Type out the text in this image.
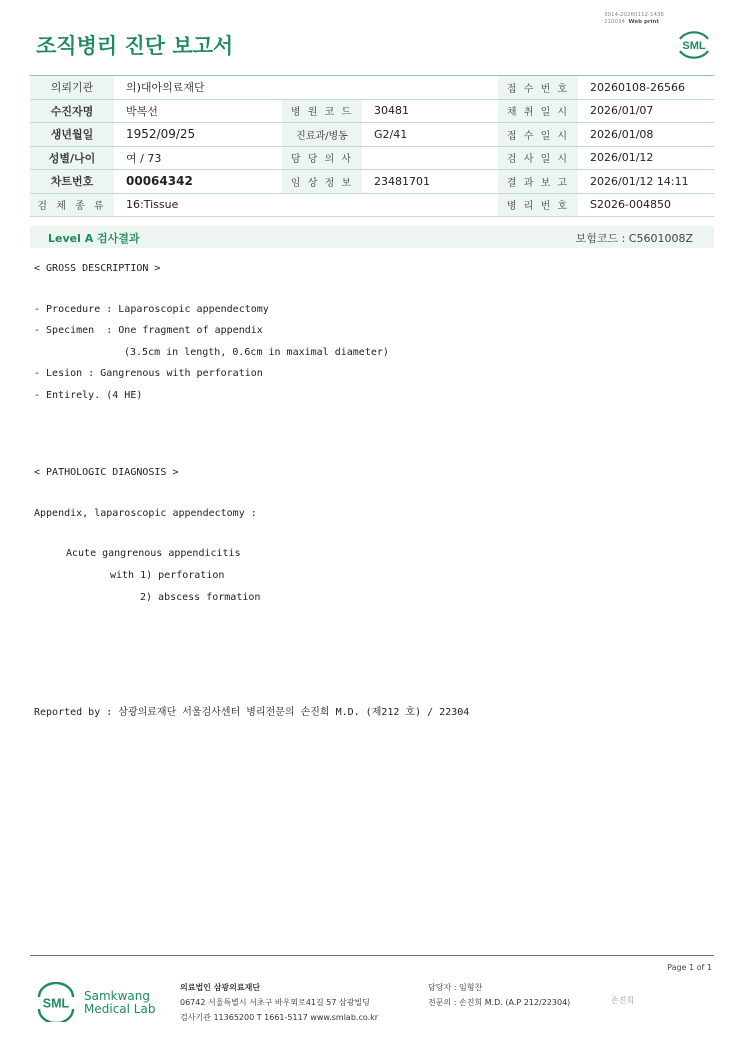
3014-20260112-1436
210034 Web print
조직병리 진단 보고서	SML
의뢰기관	의)대아의료재단			접 수 번 호	20260108-26566
수진자명	박복선	병 원 코 드	30481	채 취 일 시	2026/01/07
생년월일	1952/09/25	진료과/병동	G2/41	접 수 일 시	2026/01/08
성별/나이	여 / 73	담 당 의 사		검 사 일 시	2026/01/12
차트번호	00064342	임 상 정 보	23481701	결 과 보 고	2026/01/12 14:11
검 체 종 류	16:Tissue			병 리 번 호	S2026-004850
Level A 검사결과	보험코드 : C5601008Z
< GROSS DESCRIPTION >
- Procedure : Laparoscopic appendectomy
- Specimen  : One fragment of appendix
(3.5cm in length, 0.6cm in maximal diameter)
- Lesion : Gangrenous with perforation
- Entirely. (4 HE)
< PATHOLOGIC DIAGNOSIS >
Appendix, laparoscopic appendectomy :
Acute gangrenous appendicitis
with 1) perforation
2) abscess formation
Reported by : 삼광의료재단 서울검사센터 병리전문의 손진희 M.D. (제212 호) / 22304
Page 1 of 1
SML
Samkwang
Medical Lab
의료법인 삼광의료재단
06742 서울특별시 서초구 바우뫼로41길 57 삼광빌딩
검사기관 11365200 T 1661-5117 www.smlab.co.kr
담당자 : 임형찬
전문의 : 손진희 M.D. (A.P 212/22304)	손진희
